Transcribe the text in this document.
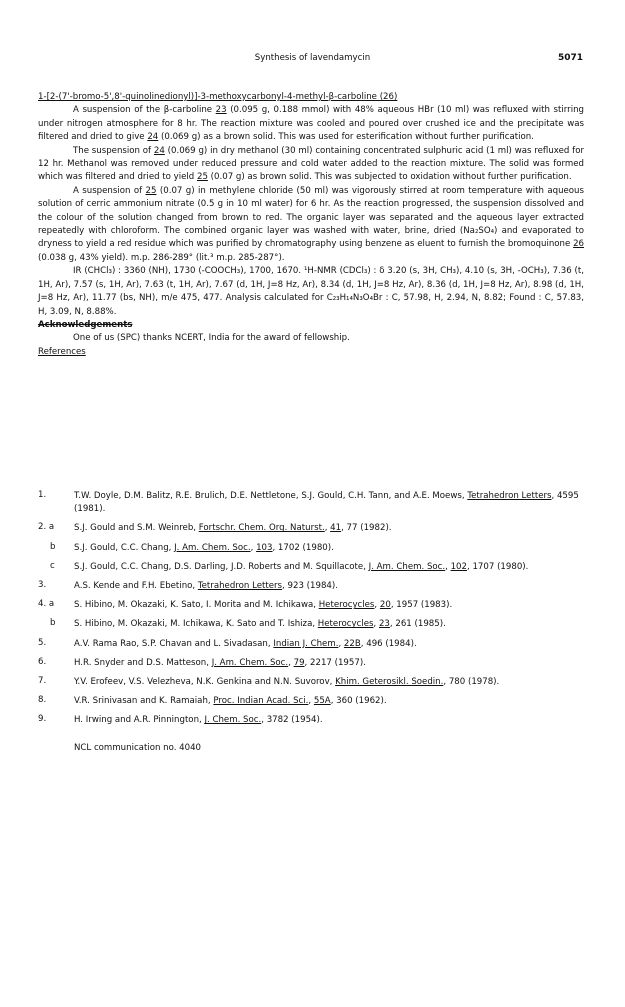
Synthesis of lavendamycin	5071

1-[2-(7'-bromo-5',8'-quinolinedionyl)]-3-methoxycarbonyl-4-methyl-β-carboline (26)

A suspension of the β-carboline 23 (0.095 g, 0.188 mmol) with 48% aqueous HBr (10 ml) was refluxed with stirring under nitrogen atmosphere for 8 hr. The reaction mixture was cooled and poured over crushed ice and the precipitate was filtered and dried to give 24 (0.069 g) as a brown solid. This was used for esterification without further purification.

The suspension of 24 (0.069 g) in dry methanol (30 ml) containing concentrated sulphuric acid (1 ml) was refluxed for 12 hr. Methanol was removed under reduced pressure and cold water added to the reaction mixture. The solid was formed which was filtered and dried to yield 25 (0.07 g) as brown solid. This was subjected to oxidation without further purification.

A suspension of 25 (0.07 g) in methylene chloride (50 ml) was vigorously stirred at room temperature with aqueous solution of cerric ammonium nitrate (0.5 g in 10 ml water) for 6 hr. As the reaction progressed, the suspension dissolved and the colour of the solution changed from brown to red. The organic layer was separated and the aqueous layer extracted repeatedly with chloroform. The combined organic layer was washed with water, brine, dried (Na₂SO₄) and evaporated to dryness to yield a red residue which was purified by chromatography using benzene as eluent to furnish the bromoquinone 26 (0.038 g, 43% yield). m.p. 286-289° (lit.³ m.p. 285-287°).

IR (CHCl₃) : 3360 (NH), 1730 (-COOCH₃), 1700, 1670. ¹H-NMR (CDCl₃) : δ 3.20 (s, 3H, CH₃), 4.10 (s, 3H, -OCH₃), 7.36 (t, 1H, Ar), 7.57 (s, 1H, Ar), 7.63 (t, 1H, Ar), 7.67 (d, 1H, J=8 Hz, Ar), 8.34 (d, 1H, J=8 Hz, Ar), 8.36 (d, 1H, J=8 Hz, Ar), 8.98 (d, 1H, J=8 Hz, Ar), 11.77 (bs, NH), m/e 475, 477. Analysis calculated for C₂₃H₁₄N₃O₄Br : C, 57.98, H, 2.94, N, 8.82; Found : C, 57.83, H, 3.09, N, 8.88%.

Acknowledgements

One of us (SPC) thanks NCERT, India for the award of fellowship.

References

1.	T.W. Doyle, D.M. Balitz, R.E. Brulich, D.E. Nettletone, S.J. Gould, C.H. Tann, and A.E. Moews, Tetrahedron Letters, 4595 (1981).
2. a	S.J. Gould and S.M. Weinreb, Fortschr. Chem. Org. Naturst., 41, 77 (1982).
b	S.J. Gould, C.C. Chang, J. Am. Chem. Soc., 103, 1702 (1980).
c	S.J. Gould, C.C. Chang, D.S. Darling, J.D. Roberts and M. Squillacote, J. Am. Chem. Soc., 102, 1707 (1980).
3.	A.S. Kende and F.H. Ebetino, Tetrahedron Letters, 923 (1984).
4. a	S. Hibino, M. Okazaki, K. Sato, I. Morita and M. Ichikawa, Heterocycles, 20, 1957 (1983).
b	S. Hibino, M. Okazaki, M. Ichikawa, K. Sato and T. Ishiza, Heterocycles, 23, 261 (1985).
5.	A.V. Rama Rao, S.P. Chavan and L. Sivadasan, Indian J. Chem., 22B, 496 (1984).
6.	H.R. Snyder and D.S. Matteson, J. Am. Chem. Soc., 79, 2217 (1957).
7.	Y.V. Erofeev, V.S. Velezheva, N.K. Genkina and N.N. Suvorov, Khim. Geterosikl. Soedin., 780 (1978).
8.	V.R. Srinivasan and K. Ramaiah, Proc. Indian Acad. Sci., 55A, 360 (1962).
9.	H. Irwing and A.R. Pinnington, J. Chem. Soc., 3782 (1954).
NCL communication no. 4040
